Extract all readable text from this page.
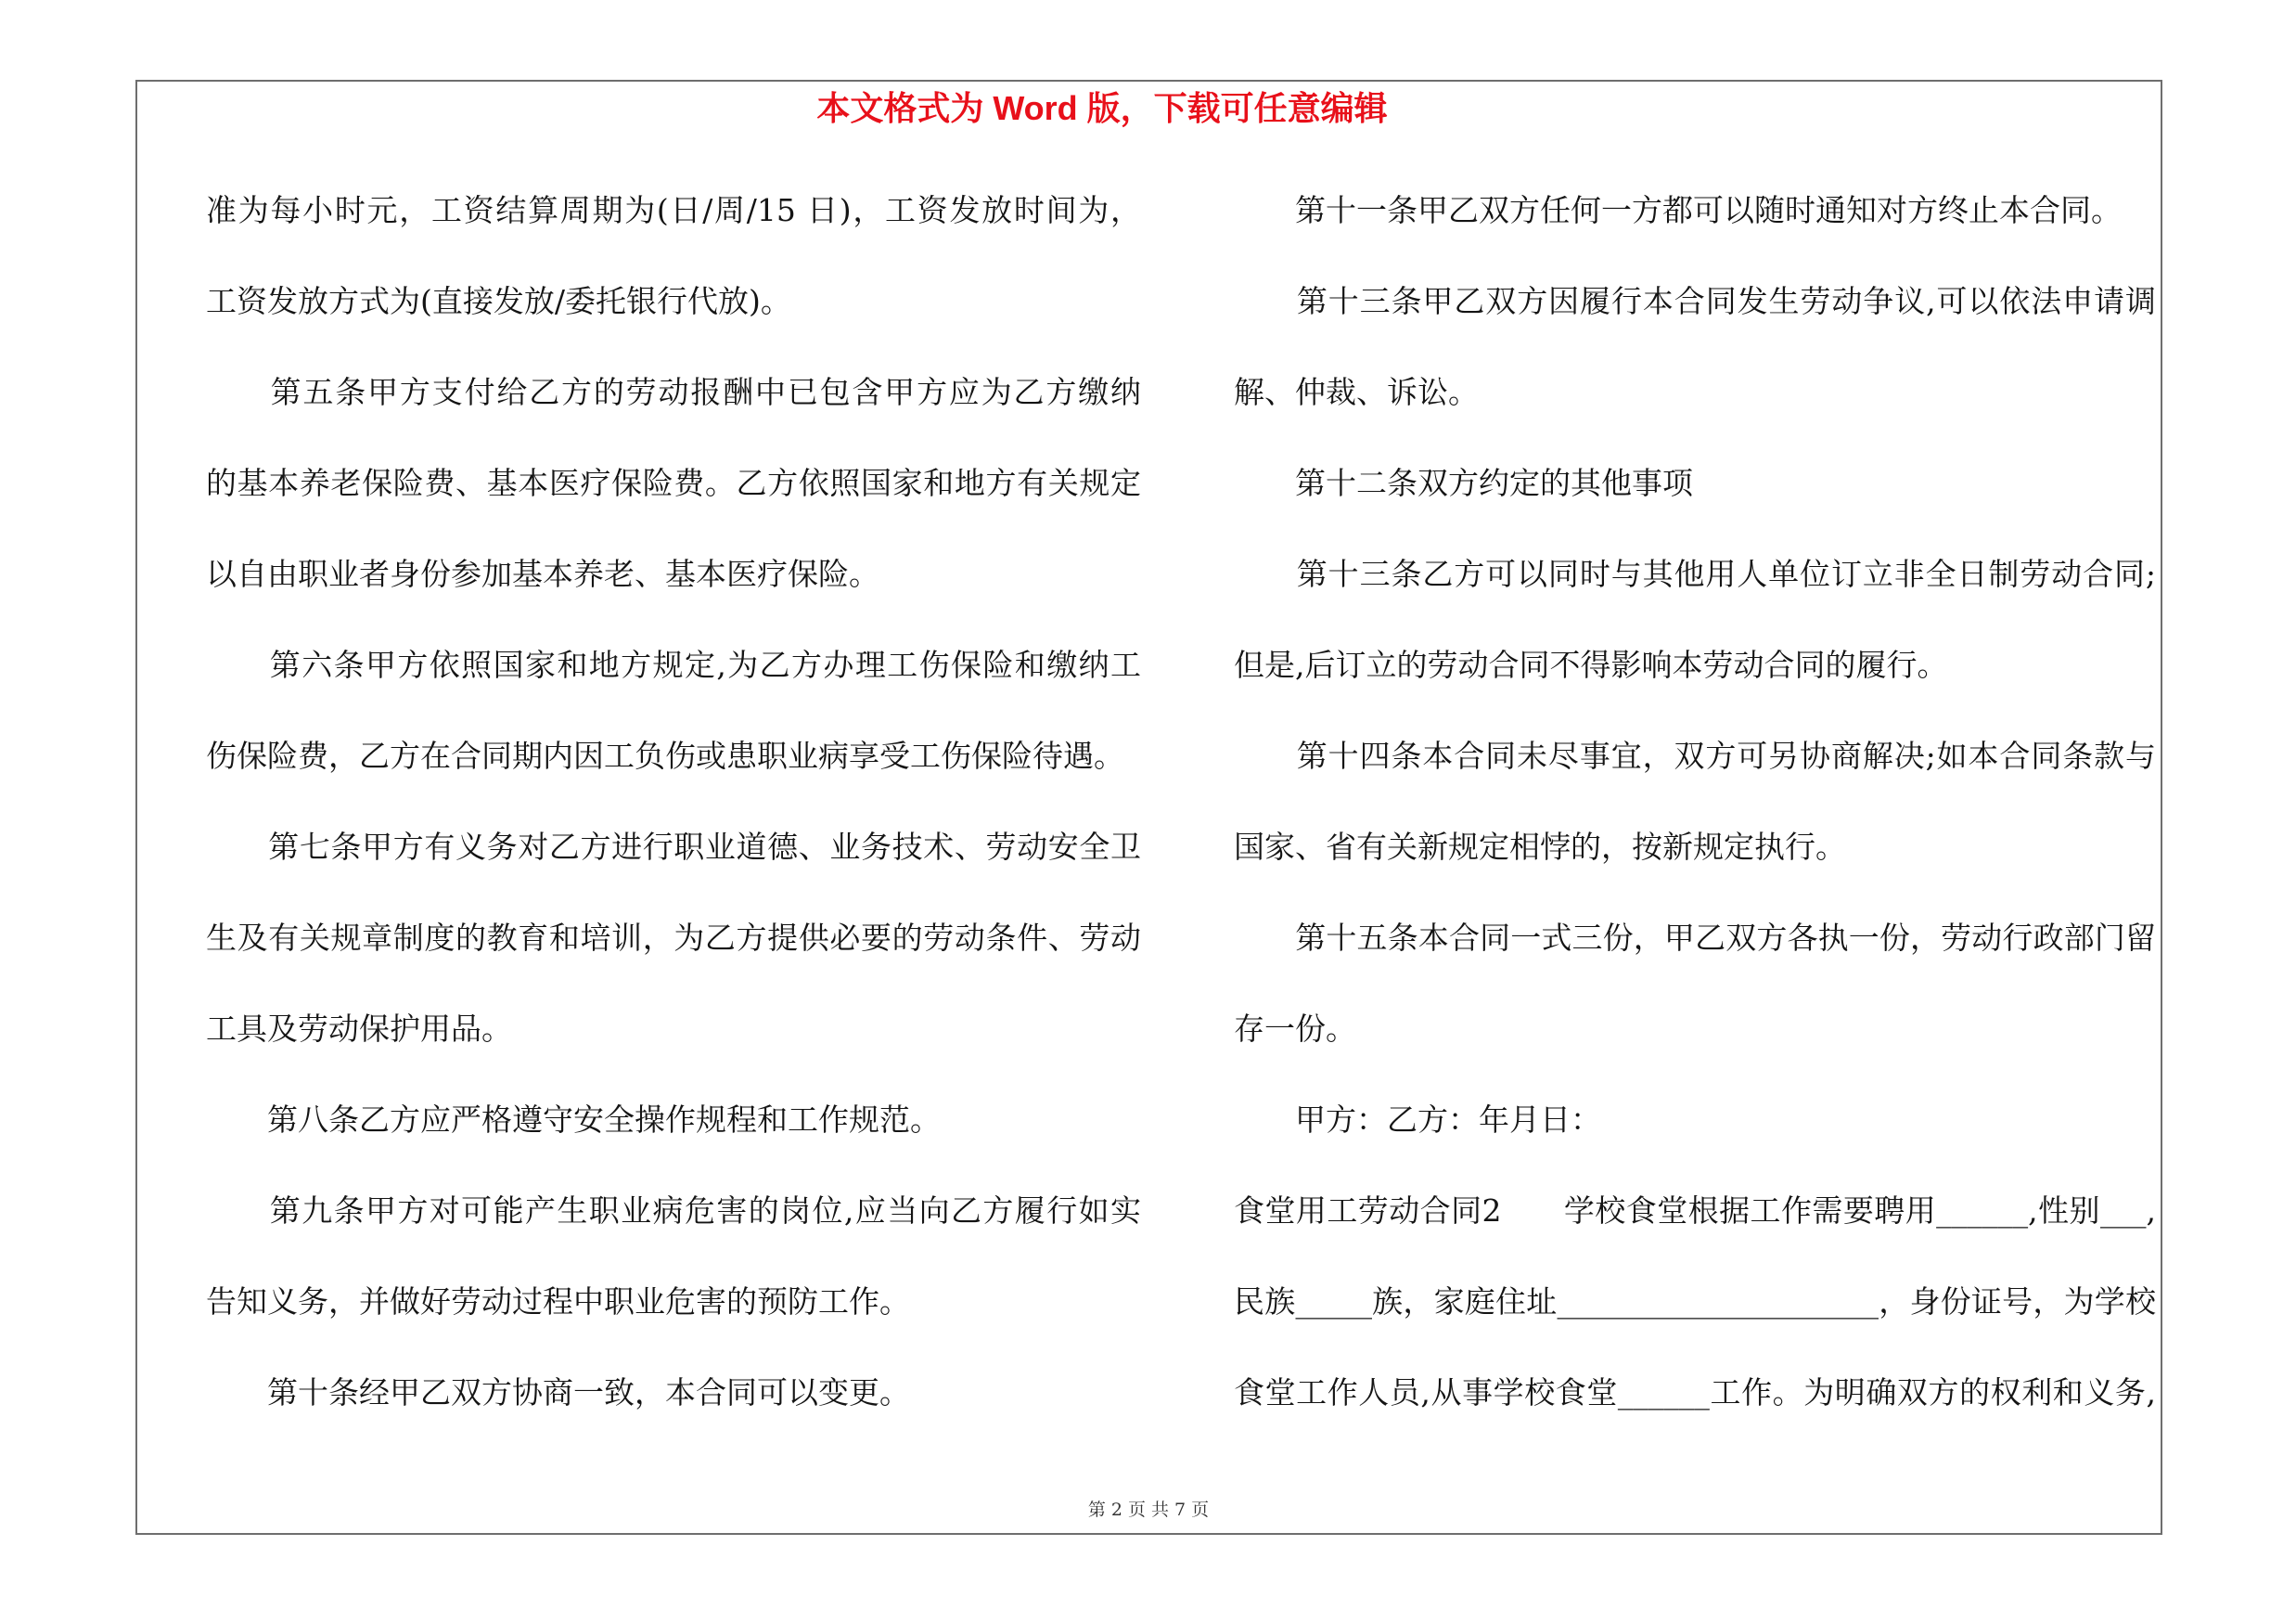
本文格式为 Word 版，下载可任意编辑
准为每小时元，工资结算周期为(日/周/15 日)，工资发放时间为，
工资发放方式为(直接发放/委托银行代放)。
　　第五条甲方支付给乙方的劳动报酬中已包含甲方应为乙方缴纳
的基本养老保险费、基本医疗保险费。乙方依照国家和地方有关规定
以自由职业者身份参加基本养老、基本医疗保险。
　　第六条甲方依照国家和地方规定,为乙方办理工伤保险和缴纳工
伤保险费，乙方在合同期内因工负伤或患职业病享受工伤保险待遇。
　　第七条甲方有义务对乙方进行职业道德、业务技术、劳动安全卫
生及有关规章制度的教育和培训，为乙方提供必要的劳动条件、劳动
工具及劳动保护用品。
　　第八条乙方应严格遵守安全操作规程和工作规范。
　　第九条甲方对可能产生职业病危害的岗位,应当向乙方履行如实
告知义务，并做好劳动过程中职业危害的预防工作。
　　第十条经甲乙双方协商一致，本合同可以变更。
　　第十一条甲乙双方任何一方都可以随时通知对方终止本合同。
　　第十三条甲乙双方因履行本合同发生劳动争议,可以依法申请调
解、仲裁、诉讼。
　　第十二条双方约定的其他事项
　　第十三条乙方可以同时与其他用人单位订立非全日制劳动合同;
但是,后订立的劳动合同不得影响本劳动合同的履行。
　　第十四条本合同未尽事宜，双方可另协商解决;如本合同条款与
国家、省有关新规定相悖的，按新规定执行。
　　第十五条本合同一式三份，甲乙双方各执一份，劳动行政部门留
存一份。
　　甲方：乙方：年月日：
食堂用工劳动合同2　　学校食堂根据工作需要聘用______,性别___,
民族_____族，家庭住址_____________________，身份证号，为学校
食堂工作人员,从事学校食堂______工作。为明确双方的权利和义务,
第 2 页 共 7 页
